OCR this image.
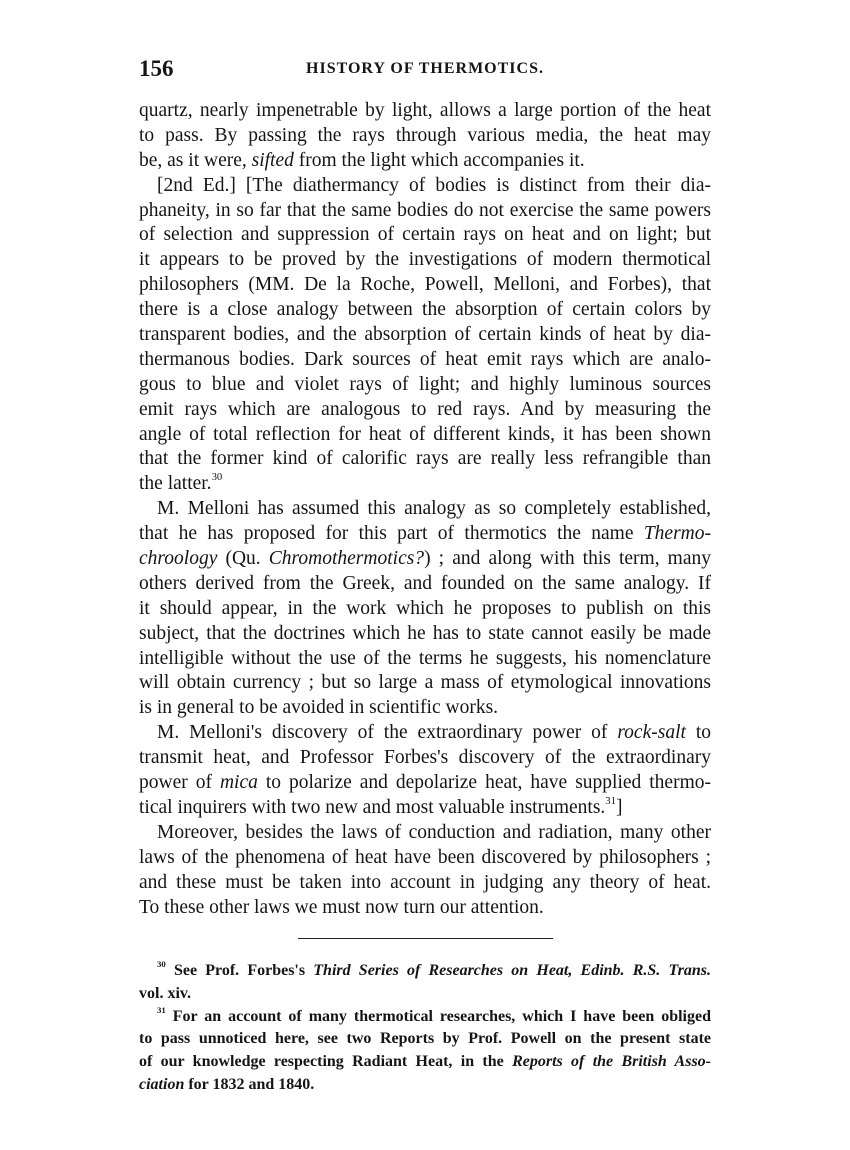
156	HISTORY OF THERMOTICS.
quartz, nearly impenetrable by light, allows a large portion of the heat
to pass. By passing the rays through various media, the heat may
be, as it were, sifted from the light which accompanies it.
[2nd Ed.] [The diathermancy of bodies is distinct from their dia-
phaneity, in so far that the same bodies do not exercise the same powers
of selection and suppression of certain rays on heat and on light; but
it appears to be proved by the investigations of modern thermotical
philosophers (MM. De la Roche, Powell, Melloni, and Forbes), that
there is a close analogy between the absorption of certain colors by
transparent bodies, and the absorption of certain kinds of heat by dia-
thermanous bodies. Dark sources of heat emit rays which are analo-
gous to blue and violet rays of light; and highly luminous sources
emit rays which are analogous to red rays. And by measuring the
angle of total reflection for heat of different kinds, it has been shown
that the former kind of calorific rays are really less refrangible than
the latter.$^{30}$
M. Melloni has assumed this analogy as so completely established,
that he has proposed for this part of thermotics the name Thermo-
chroology (Qu. Chromothermotics?) ; and along with this term, many
others derived from the Greek, and founded on the same analogy. If
it should appear, in the work which he proposes to publish on this
subject, that the doctrines which he has to state cannot easily be made
intelligible without the use of the terms he suggests, his nomenclature
will obtain currency ; but so large a mass of etymological innovations
is in general to be avoided in scientific works.
M. Melloni's discovery of the extraordinary power of rock-salt to
transmit heat, and Professor Forbes's discovery of the extraordinary
power of mica to polarize and depolarize heat, have supplied thermo-
tical inquirers with two new and most valuable instruments.$^{31}$]
Moreover, besides the laws of conduction and radiation, many other
laws of the phenomena of heat have been discovered by philosophers ;
and these must be taken into account in judging any theory of heat.
To these other laws we must now turn our attention.
$^{30}$ See Prof. Forbes's Third Series of Researches on Heat, Edinb. R.S. Trans.
vol. xiv.
$^{31}$ For an account of many thermotical researches, which I have been obliged
to pass unnoticed here, see two Reports by Prof. Powell on the present state
of our knowledge respecting Radiant Heat, in the Reports of the British Asso-
ciation for 1832 and 1840.
